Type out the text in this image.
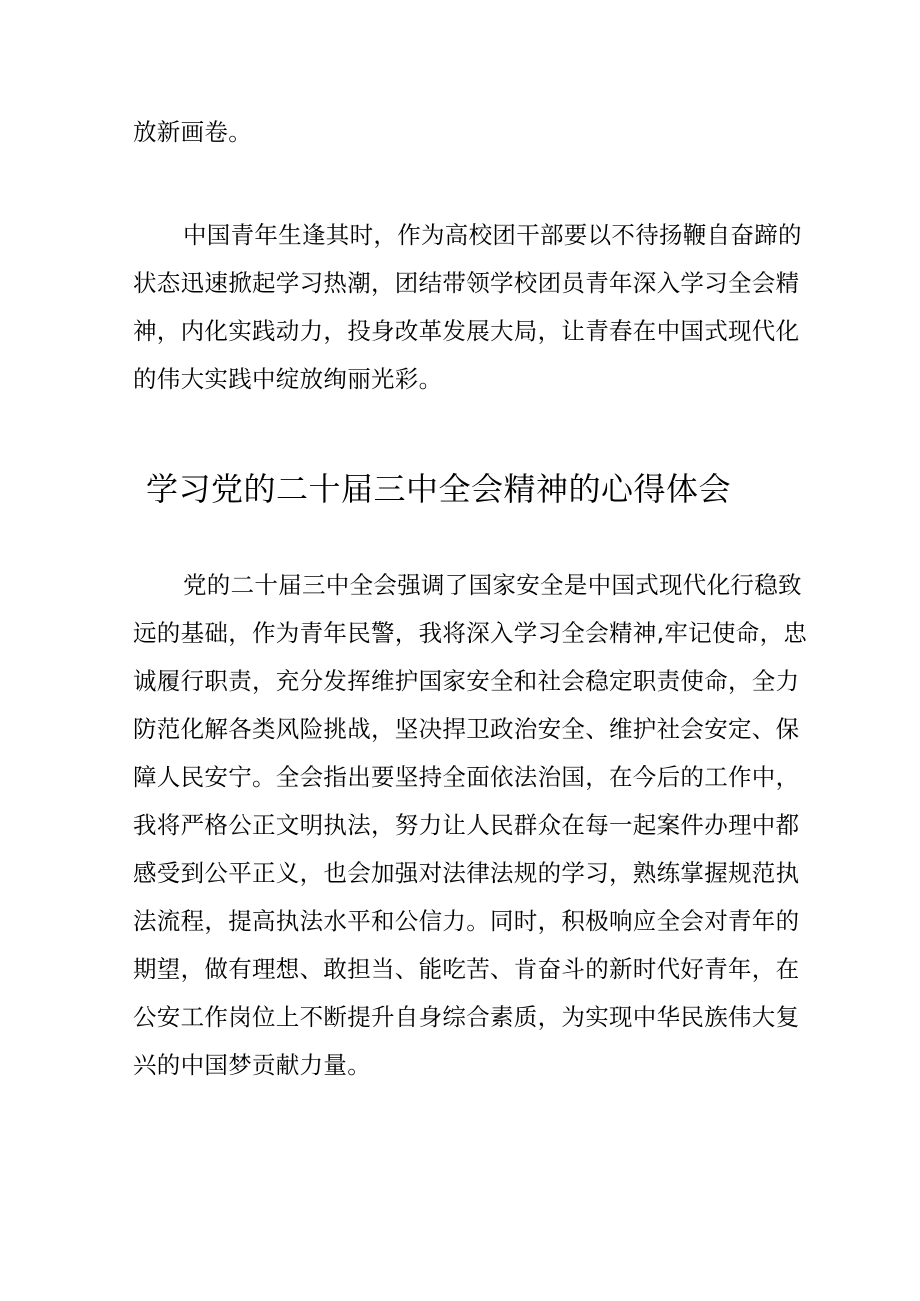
放新画卷。
中国青年生逢其时，作为高校团干部要以不待扬鞭自奋蹄的
状态迅速掀起学习热潮，团结带领学校团员青年深入学习全会精
神，内化实践动力，投身改革发展大局，让青春在中国式现代化
的伟大实践中绽放绚丽光彩。
学习党的二十届三中全会精神的心得体会
党的二十届三中全会强调了国家安全是中国式现代化行稳致
远的基础，作为青年民警，我将深入学习全会精神,牢记使命，忠
诚履行职责，充分发挥维护国家安全和社会稳定职责使命，全力
防范化解各类风险挑战，坚决捍卫政治安全、维护社会安定、保
障人民安宁。全会指出要坚持全面依法治国，在今后的工作中，
我将严格公正文明执法，努力让人民群众在每一起案件办理中都
感受到公平正义，也会加强对法律法规的学习，熟练掌握规范执
法流程，提高执法水平和公信力。同时，积极响应全会对青年的
期望，做有理想、敢担当、能吃苦、肯奋斗的新时代好青年，在
公安工作岗位上不断提升自身综合素质，为实现中华民族伟大复
兴的中国梦贡献力量。
